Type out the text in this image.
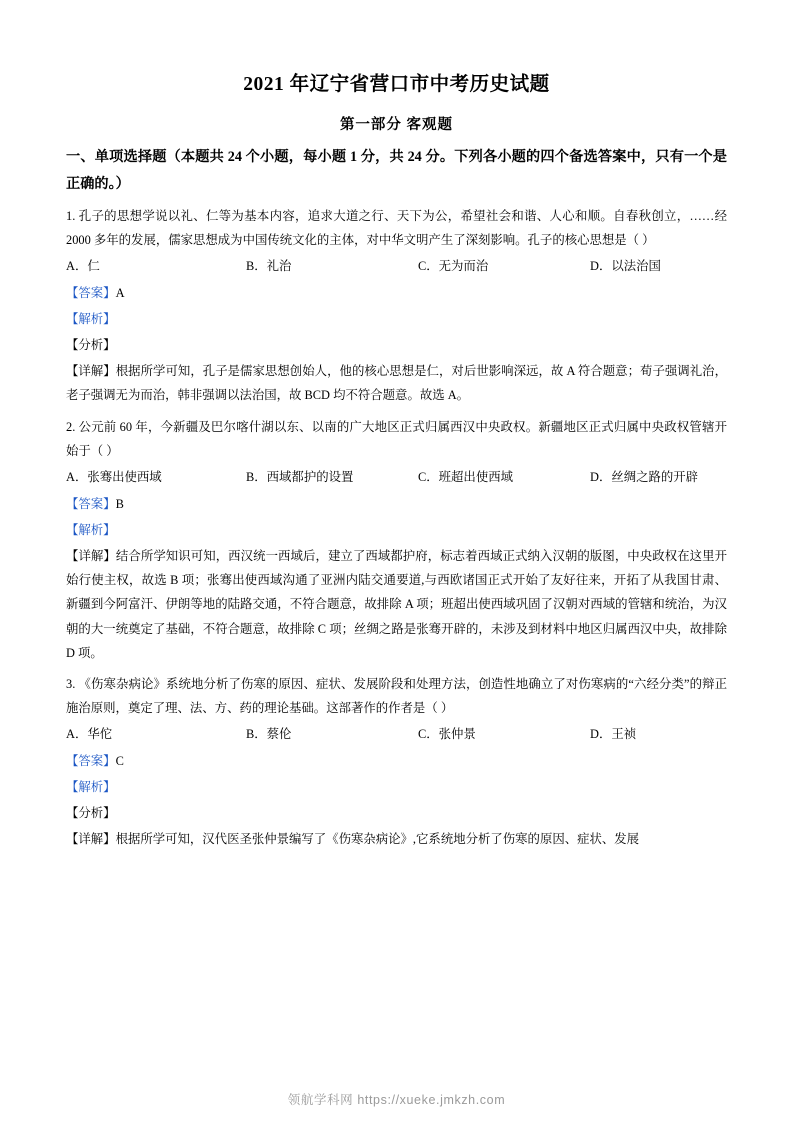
2021 年辽宁省营口市中考历史试题
第一部分 客观题
一、单项选择题（本题共 24 个小题，每小题 1 分，共 24 分。下列各小题的四个备选答案中，只有一个是正确的。）
1. 孔子的思想学说以礼、仁等为基本内容，追求大道之行、天下为公，希望社会和谐、人心和顺。自春秋创立，……经 2000 多年的发展，儒家思想成为中国传统文化的主体，对中华文明产生了深刻影响。孔子的核心思想是（ ）
A．仁	B．礼治	C．无为而治	D．以法治国
【答案】A
【解析】
【分析】
【详解】根据所学可知，孔子是儒家思想创始人，他的核心思想是仁，对后世影响深远，故 A 符合题意；荀子强调礼治，老子强调无为而治，韩非强调以法治国，故 BCD 均不符合题意。故选 A。
2. 公元前 60 年，今新疆及巴尔喀什湖以东、以南的广大地区正式归属西汉中央政权。新疆地区正式归属中央政权管辖开始于（ ）
A．张骞出使西域	B．西域都护的设置	C．班超出使西域	D．丝绸之路的开辟
【答案】B
【解析】
【详解】结合所学知识可知，西汉统一西域后，建立了西域都护府，标志着西域正式纳入汉朝的版图，中央政权在这里开始行使主权，故选 B 项；张骞出使西域沟通了亚洲内陆交通要道,与西欧诸国正式开始了友好往来，开拓了从我国甘肃、新疆到今阿富汗、伊朗等地的陆路交通，不符合题意，故排除 A 项；班超出使西域巩固了汉朝对西域的管辖和统治，为汉朝的大一统奠定了基础，不符合题意，故排除 C 项；丝绸之路是张骞开辟的，未涉及到材料中地区归属西汉中央，故排除 D 项。
3. 《伤寒杂病论》系统地分析了伤寒的原因、症状、发展阶段和处理方法，创造性地确立了对伤寒病的“六经分类”的辩正施治原则，奠定了理、法、方、药的理论基础。这部著作的作者是（ ）
A．华佗	B．蔡伦	C．张仲景	D．王祯
【答案】C
【解析】
【分析】
【详解】根据所学可知，汉代医圣张仲景编写了《伤寒杂病论》,它系统地分析了伤寒的原因、症状、发展
领航学科网 https://xueke.jmkzh.com
